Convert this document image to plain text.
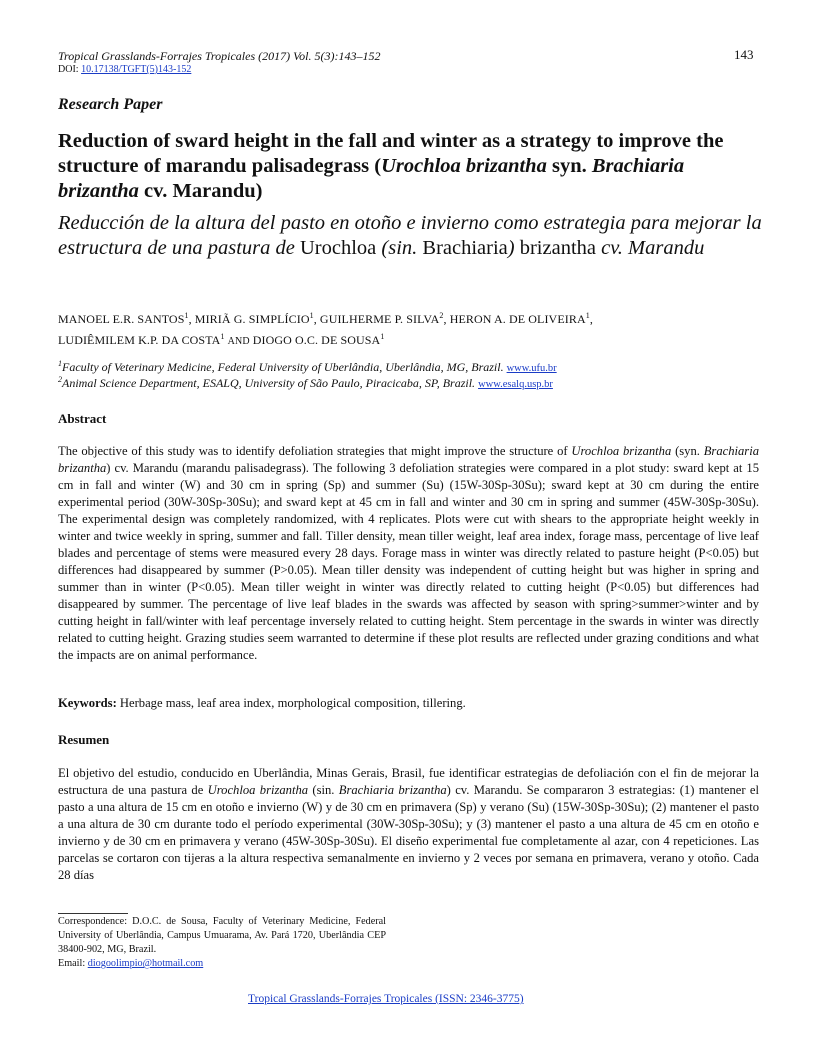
Tropical Grasslands-Forrajes Tropicales (2017) Vol. 5(3):143–152	143
DOI: 10.17138/TGFT(5)143-152
Research Paper
Reduction of sward height in the fall and winter as a strategy to improve the structure of marandu palisadegrass (Urochloa brizantha syn. Brachiaria brizantha cv. Marandu)
Reducción de la altura del pasto en otoño e invierno como estrategia para mejorar la estructura de una pastura de Urochloa (sin. Brachiaria) brizantha cv. Marandu
MANOEL E.R. SANTOS$^1$, MIRIÃ G. SIMPLÍCIO$^1$, GUILHERME P. SILVA$^2$, HERON A. DE OLIVEIRA$^1$,
LUDIÊMILEM K.P. DA COSTA$^1$ AND DIOGO O.C. DE SOUSA$^1$
$^1$Faculty of Veterinary Medicine, Federal University of Uberlândia, Uberlândia, MG, Brazil. www.ufu.br
$^2$Animal Science Department, ESALQ, University of São Paulo, Piracicaba, SP, Brazil. www.esalq.usp.br
Abstract
The objective of this study was to identify defoliation strategies that might improve the structure of Urochloa brizantha (syn. Brachiaria brizantha) cv. Marandu (marandu palisadegrass). The following 3 defoliation strategies were compared in a plot study: sward kept at 15 cm in fall and winter (W) and 30 cm in spring (Sp) and summer (Su) (15W-30Sp-30Su); sward kept at 30 cm during the entire experimental period (30W-30Sp-30Su); and sward kept at 45 cm in fall and winter and 30 cm in spring and summer (45W-30Sp-30Su). The experimental design was completely randomized, with 4 replicates. Plots were cut with shears to the appropriate height weekly in winter and twice weekly in spring, summer and fall. Tiller density, mean tiller weight, leaf area index, forage mass, percentage of live leaf blades and percentage of stems were measured every 28 days. Forage mass in winter was directly related to pasture height (P<0.05) but differences had disappeared by summer (P>0.05). Mean tiller density was independent of cutting height but was higher in spring and summer than in winter (P<0.05). Mean tiller weight in winter was directly related to cutting height (P<0.05) but differences had disappeared by summer. The percentage of live leaf blades in the swards was affected by season with spring>summer>winter and by cutting height in fall/winter with leaf percentage inversely related to cutting height. Stem percentage in the swards in winter was directly related to cutting height. Grazing studies seem warranted to determine if these plot results are reflected under grazing conditions and what the impacts are on animal performance.
Keywords: Herbage mass, leaf area index, morphological composition, tillering.
Resumen
El objetivo del estudio, conducido en Uberlândia, Minas Gerais, Brasil, fue identificar estrategias de defoliación con el fin de mejorar la estructura de una pastura de Urochloa brizantha (sin. Brachiaria brizantha) cv. Marandu. Se compararon 3 estrategias: (1) mantener el pasto a una altura de 15 cm en otoño e invierno (W) y de 30 cm en primavera (Sp) y verano (Su) (15W-30Sp-30Su); (2) mantener el pasto a una altura de 30 cm durante todo el período experimental (30W-30Sp-30Su); y (3) mantener el pasto a una altura de 45 cm en otoño e invierno y de 30 cm en primavera y verano (45W-30Sp-30Su). El diseño experimental fue completamente al azar, con 4 repeticiones. Las parcelas se cortaron con tijeras a la altura respectiva semanalmente en invierno y 2 veces por semana en primavera, verano y otoño. Cada 28 días
Correspondence: D.O.C. de Sousa, Faculty of Veterinary Medicine, Federal University of Uberlândia, Campus Umuarama, Av. Pará 1720, Uberlândia CEP 38400-902, MG, Brazil.
Email: diogoolimpio@hotmail.com
Tropical Grasslands-Forrajes Tropicales (ISSN: 2346-3775)
